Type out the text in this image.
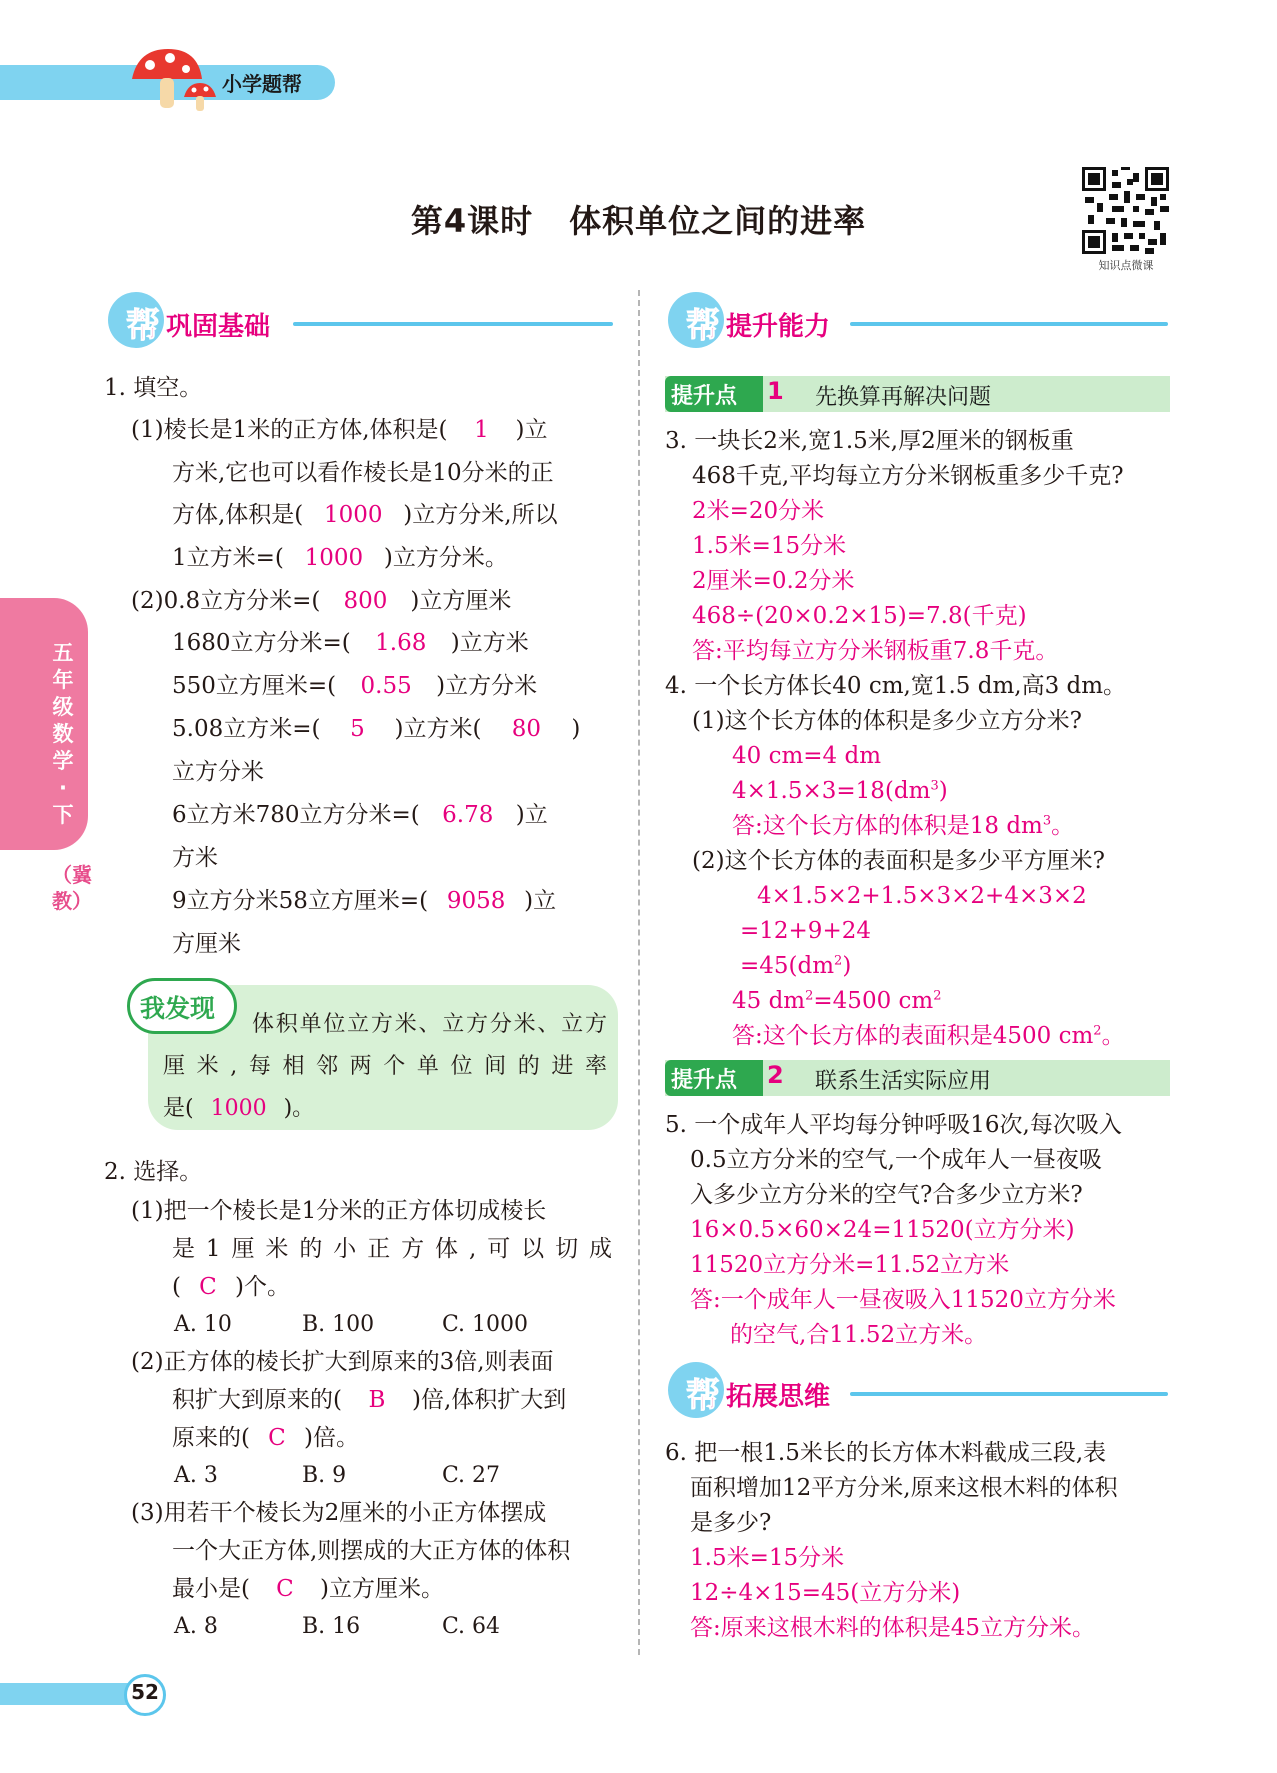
小学题帮
第4课时 体积单位之间的进率
知识点微课
五年级数学·下
（冀教）
帮 巩固基础
1. 填空。
(1)棱长是1米的正方体,体积是( 1 )立
方米,它也可以看作棱长是10分米的正
方体,体积是( 1000 )立方分米,所以
1立方米=( 1000 )立方分米。
(2)0.8立方分米=( 800 )立方厘米
1680立方分米=( 1.68 )立方米
550立方厘米=( 0.55 )立方分米
5.08立方米=( 5 )立方米( 80 )
立方分米
6立方米780立方分米=( 6.78 )立
方米
9立方分米58立方厘米=( 9058 )立
方厘米
我发现
体积单位立方米、立方分米、立方
厘米,每相邻两个单位间的进率
是( 1000 )。
2. 选择。
(1)把一个棱长是1分米的正方体切成棱长
是1厘米的小正方体,可以切成
( C )个。
A. 10	B. 100	C. 1000
(2)正方体的棱长扩大到原来的3倍,则表面
积扩大到原来的( B )倍,体积扩大到
原来的( C )倍。
A. 3	B. 9	C. 27
(3)用若干个棱长为2厘米的小正方体摆成
一个大正方体,则摆成的大正方体的体积
最小是( C )立方厘米。
A. 8	B. 16	C. 64
帮 提升能力
提升点 1 先换算再解决问题
3. 一块长2米,宽1.5米,厚2厘米的钢板重
468千克,平均每立方分米钢板重多少千克?
2米=20分米
1.5米=15分米
2厘米=0.2分米
468÷(20×0.2×15)=7.8(千克)
答:平均每立方分米钢板重7.8千克。
4. 一个长方体长40 cm,宽1.5 dm,高3 dm。
(1)这个长方体的体积是多少立方分米?
40 cm=4 dm
$4\times 1.5\times 3=18(dm^3)$
答:这个长方体的体积是18 $dm^3$。
(2)这个长方体的表面积是多少平方厘米?
4×1.5×2+1.5×3×2+4×3×2
=12+9+24
$=45(dm^2)$
45 $dm^2=4500$ $cm^2$
答:这个长方体的表面积是4500 $cm^2$。
提升点 2 联系生活实际应用
5. 一个成年人平均每分钟呼吸16次,每次吸入
0.5立方分米的空气,一个成年人一昼夜吸
入多少立方分米的空气?合多少立方米?
16×0.5×60×24=11520(立方分米)
11520立方分米=11.52立方米
答:一个成年人一昼夜吸入11520立方分米
的空气,合11.52立方米。
帮 拓展思维
6. 把一根1.5米长的长方体木料截成三段,表
面积增加12平方分米,原来这根木料的体积
是多少?
1.5米=15分米
12÷4×15=45(立方分米)
答:原来这根木料的体积是45立方分米。
52
